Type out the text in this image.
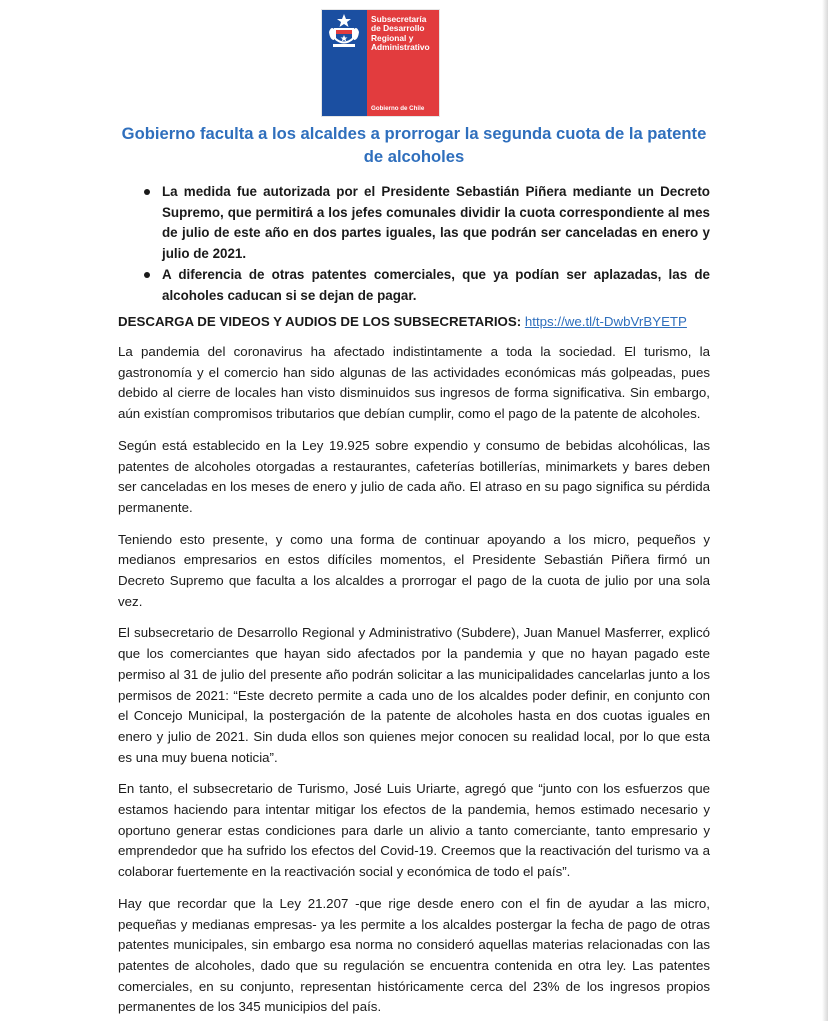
Subsecretaría
de Desarrollo
Regional y
Administrativo
Gobierno de Chile
Gobierno faculta a los alcaldes a prorrogar la segunda cuota de la patente de alcoholes
La medida fue autorizada por el Presidente Sebastián Piñera mediante un Decreto Supremo, que permitirá a los jefes comunales dividir la cuota correspondiente al mes de julio de este año en dos partes iguales, las que podrán ser canceladas en enero y julio de 2021.
A diferencia de otras patentes comerciales, que ya podían ser aplazadas, las de alcoholes caducan si se dejan de pagar.

DESCARGA DE VIDEOS Y AUDIOS DE LOS SUBSECRETARIOS: https://we.tl/t-DwbVrBYETP

La pandemia del coronavirus ha afectado indistintamente a toda la sociedad. El turismo, la gastronomía y el comercio han sido algunas de las actividades económicas más golpeadas, pues debido al cierre de locales han visto disminuidos sus ingresos de forma significativa. Sin embargo, aún existían compromisos tributarios que debían cumplir, como el pago de la patente de alcoholes.

Según está establecido en la Ley 19.925 sobre expendio y consumo de bebidas alcohólicas, las patentes de alcoholes otorgadas a restaurantes, cafeterías botillerías, minimarkets y bares deben ser canceladas en los meses de enero y julio de cada año. El atraso en su pago significa su pérdida permanente.

Teniendo esto presente, y como una forma de continuar apoyando a los micro, pequeños y medianos empresarios en estos difíciles momentos, el Presidente Sebastián Piñera firmó un Decreto Supremo que faculta a los alcaldes a prorrogar el pago de la cuota de julio por una sola vez.

El subsecretario de Desarrollo Regional y Administrativo (Subdere), Juan Manuel Masferrer, explicó que los comerciantes que hayan sido afectados por la pandemia y que no hayan pagado este permiso al 31 de julio del presente año podrán solicitar a las municipalidades cancelarlas junto a los permisos de 2021: “Este decreto permite a cada uno de los alcaldes poder definir, en conjunto con el Concejo Municipal, la postergación de la patente de alcoholes hasta en dos cuotas iguales en enero y julio de 2021. Sin duda ellos son quienes mejor conocen su realidad local, por lo que esta es una muy buena noticia”.

En tanto, el subsecretario de Turismo, José Luis Uriarte, agregó que “junto con los esfuerzos que estamos haciendo para intentar mitigar los efectos de la pandemia, hemos estimado necesario y oportuno generar estas condiciones para darle un alivio a tanto comerciante, tanto empresario y emprendedor que ha sufrido los efectos del Covid-19. Creemos que la reactivación del turismo va a colaborar fuertemente en la reactivación social y económica de todo el país”.

Hay que recordar que la Ley 21.207 -que rige desde enero con el fin de ayudar a las micro, pequeñas y medianas empresas- ya les permite a los alcaldes postergar la fecha de pago de otras patentes municipales, sin embargo esa norma no consideró aquellas materias relacionadas con las patentes de alcoholes, dado que su regulación se encuentra contenida en otra ley. Las patentes comerciales, en su conjunto, representan históricamente cerca del 23% de los ingresos propios permanentes de los 345 municipios del país.
